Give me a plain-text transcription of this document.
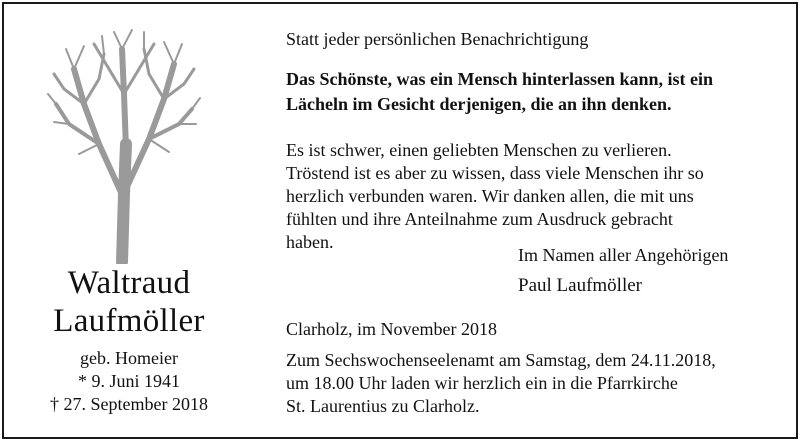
Waltraud
Laufmöller
geb. Homeier
* 9. Juni 1941
† 27. September 2018
Statt jeder persönlichen Benachrichtigung
Das Schönste, was ein Mensch hinterlassen kann, ist ein
Lächeln im Gesicht derjenigen, die an ihn denken.
Es ist schwer, einen geliebten Menschen zu verlieren.
Tröstend ist es aber zu wissen, dass viele Menschen ihr so
herzlich verbunden waren. Wir danken allen, die mit uns
fühlten und ihre Anteilnahme zum Ausdruck gebracht
haben.
Im Namen aller Angehörigen
Paul Laufmöller
Clarholz, im November 2018
Zum Sechswochenseelenamt am Samstag, dem 24.11.2018,
um 18.00 Uhr laden wir herzlich ein in die Pfarrkirche
St. Laurentius zu Clarholz.
